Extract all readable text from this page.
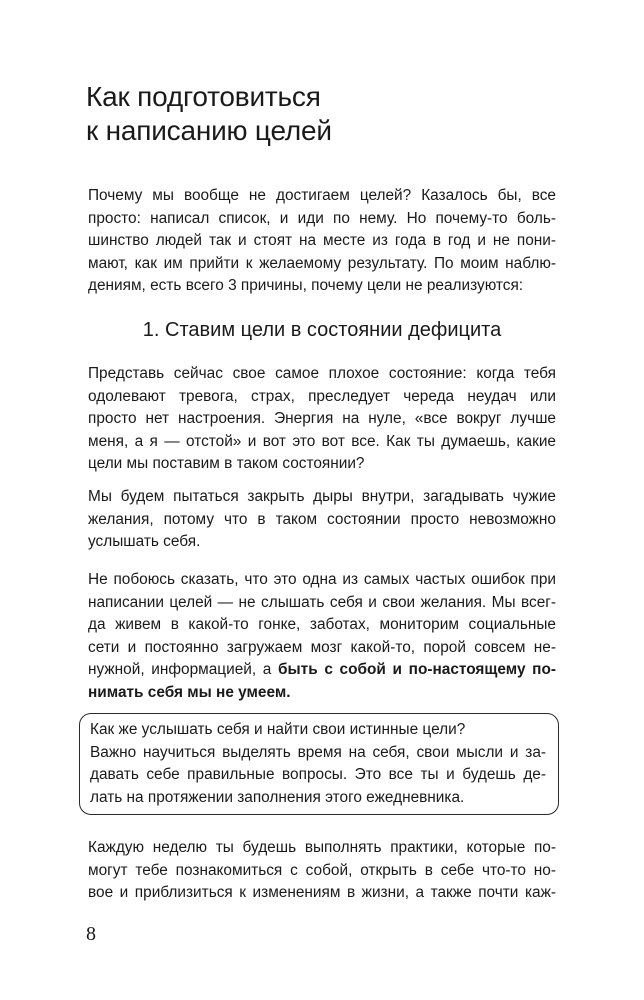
Как подготовиться
к написанию целей

Почему мы вообще не достигаем целей? Казалось бы, все
просто: написал список, и иди по нему. Но почему-то боль-
шинство людей так и стоят на месте из года в год и не пони-
мают, как им прийти к желаемому результату. По моим наблю-
дениям, есть всего 3 причины, почему цели не реализуются:

1. Ставим цели в состоянии дефицита

Представь сейчас свое самое плохое состояние: когда тебя
одолевают тревога, страх, преследует череда неудач или
просто нет настроения. Энергия на нуле, «все вокруг лучше
меня, а я — отстой» и вот это вот все. Как ты думаешь, какие
цели мы поставим в таком состоянии?

Мы будем пытаться закрыть дыры внутри, загадывать чужие
желания, потому что в таком состоянии просто невозможно
услышать себя.

Не побоюсь сказать, что это одна из самых частых ошибок при
написании целей — не слышать себя и свои желания. Мы всег-
да живем в какой-то гонке, заботах, мониторим социальные
сети и постоянно загружаем мозг какой-то, порой совсем не-
нужной, информацией, а быть с собой и по-настоящему по-
нимать себя мы не умеем.

Как же услышать себя и найти свои истинные цели?
Важно научиться выделять время на себя, свои мысли и за-
давать себе правильные вопросы. Это все ты и будешь де-
лать на протяжении заполнения этого ежедневника.

Каждую неделю ты будешь выполнять практики, которые по-
могут тебе познакомиться с собой, открыть в себе что-то но-
вое и приблизиться к изменениям в жизни, а также почти каж-

8
